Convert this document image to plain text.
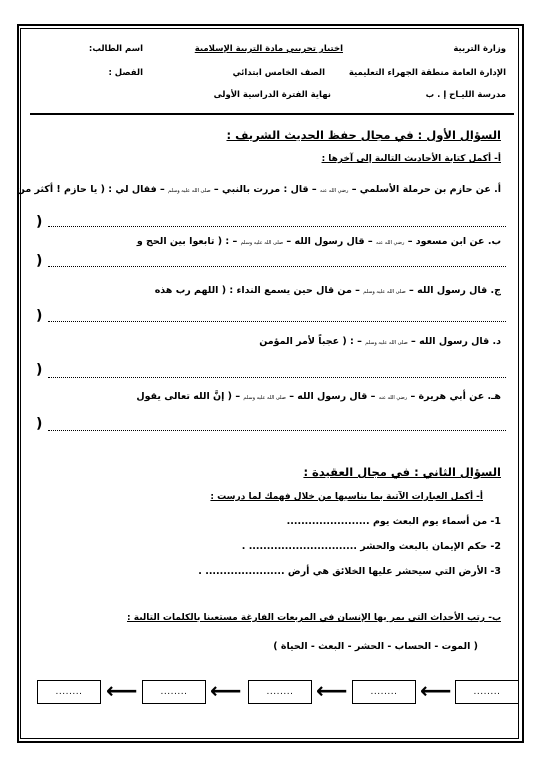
وزارة التربية
الإدارة العامة منطقة الجهراء التعليمية
مدرسة الليـاح إ . ب
اختبار تجريبي مادة التربية الإسلامية
الصف الخامس ابتدائي
نهاية الفترة الدراسية الأولى
اسم الطالب:
الفصل :
السؤال الأول : في مجال حفظ الحديث الشريف :
أ- أكمل كتابة الأحاديث التالية إلى آخرها :
أ. عن حازم بن حرملة الأسلمي – رضي الله عنه – قال : مررت بالنبي – صلى الله عليه وسلم – فقال لي : ( يا حازم ! أكثر من
)
ب. عن ابن مسعود – رضي الله عنه – قال رسول الله – صلى الله عليه وسلم – : ( تابعوا بين الحج و
)
ج. قال رسول الله – صلى الله عليه وسلم – من قال حين يسمع النداء : ( اللهم رب هذه
)
د. قال رسول الله – صلى الله عليه وسلم – : ( عجباً لأمر المؤمن
)
هـ. عن أبي هريرة – رضي الله عنه – قال رسول الله – صلى الله عليه وسلم – ( إنَّ الله تعالى يقول
)
السؤال الثاني : في مجال العقيدة :
أ- أكمل العبارات الآتية بما يناسبها من خلال فهمك لما درست :
1- من أسماء يوم البعث يوم .......................
2- حكم الإيمان بالبعث والحشر .............................. .
3- الأرض التي سيحشر عليها الخلائق هي أرض ...................... .
ب- رتب الأحداث التي يمر بها الإنسان في المربعات الفارغة مستعينا بالكلمات التالية :
( الموت - الحساب - الحشر - البعث - الحياة )
........
⟵
........
⟵
........
⟵
........
⟵
........
